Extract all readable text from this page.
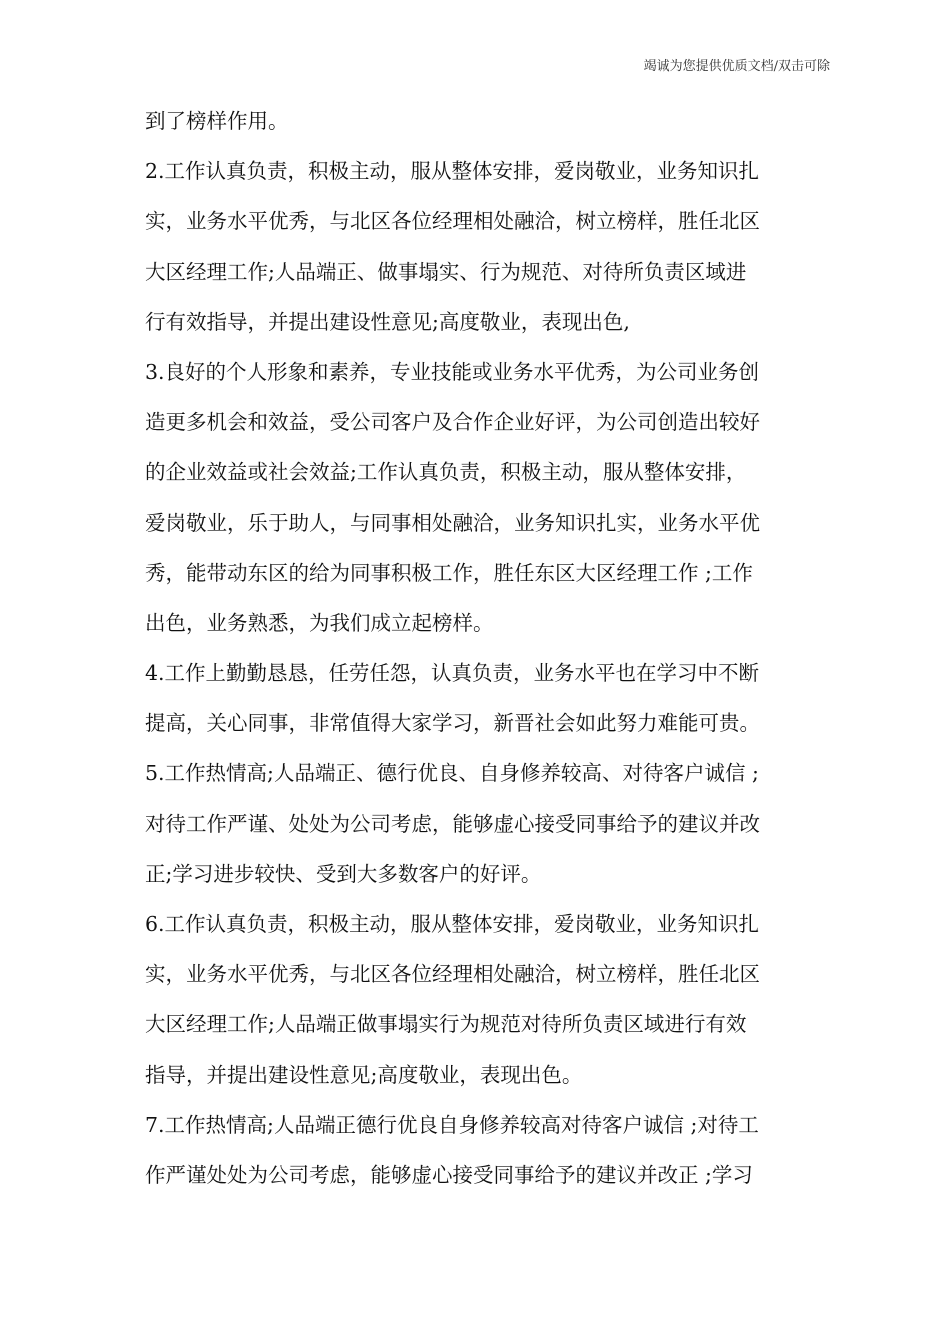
竭诚为您提供优质文档/双击可除
到了榜样作用。
2.工作认真负责，积极主动，服从整体安排，爱岗敬业，业务知识扎
实，业务水平优秀，与北区各位经理相处融洽，树立榜样，胜任北区
大区经理工作;人品端正、做事塌实、行为规范、对待所负责区域进
行有效指导，并提出建设性意见;高度敬业，表现出色,
3.良好的个人形象和素养，专业技能或业务水平优秀，为公司业务创
造更多机会和效益，受公司客户及合作企业好评，为公司创造出较好
的企业效益或社会效益;工作认真负责，积极主动，服从整体安排，
爱岗敬业，乐于助人，与同事相处融洽，业务知识扎实，业务水平优
秀，能带动东区的给为同事积极工作，胜任东区大区经理工作 ;工作
出色，业务熟悉，为我们成立起榜样。
4.工作上勤勤恳恳，任劳任怨，认真负责，业务水平也在学习中不断
提高，关心同事，非常值得大家学习，新晋社会如此努力难能可贵。
5.工作热情高;人品端正、德行优良、自身修养较高、对待客户诚信 ;
对待工作严谨、处处为公司考虑，能够虚心接受同事给予的建议并改
正;学习进步较快、受到大多数客户的好评。
6.工作认真负责，积极主动，服从整体安排，爱岗敬业，业务知识扎
实，业务水平优秀，与北区各位经理相处融洽，树立榜样，胜任北区
大区经理工作;人品端正做事塌实行为规范对待所负责区域进行有效
指导，并提出建设性意见;高度敬业，表现出色。
7.工作热情高;人品端正德行优良自身修养较高对待客户诚信 ;对待工
作严谨处处为公司考虑，能够虚心接受同事给予的建议并改正 ;学习
